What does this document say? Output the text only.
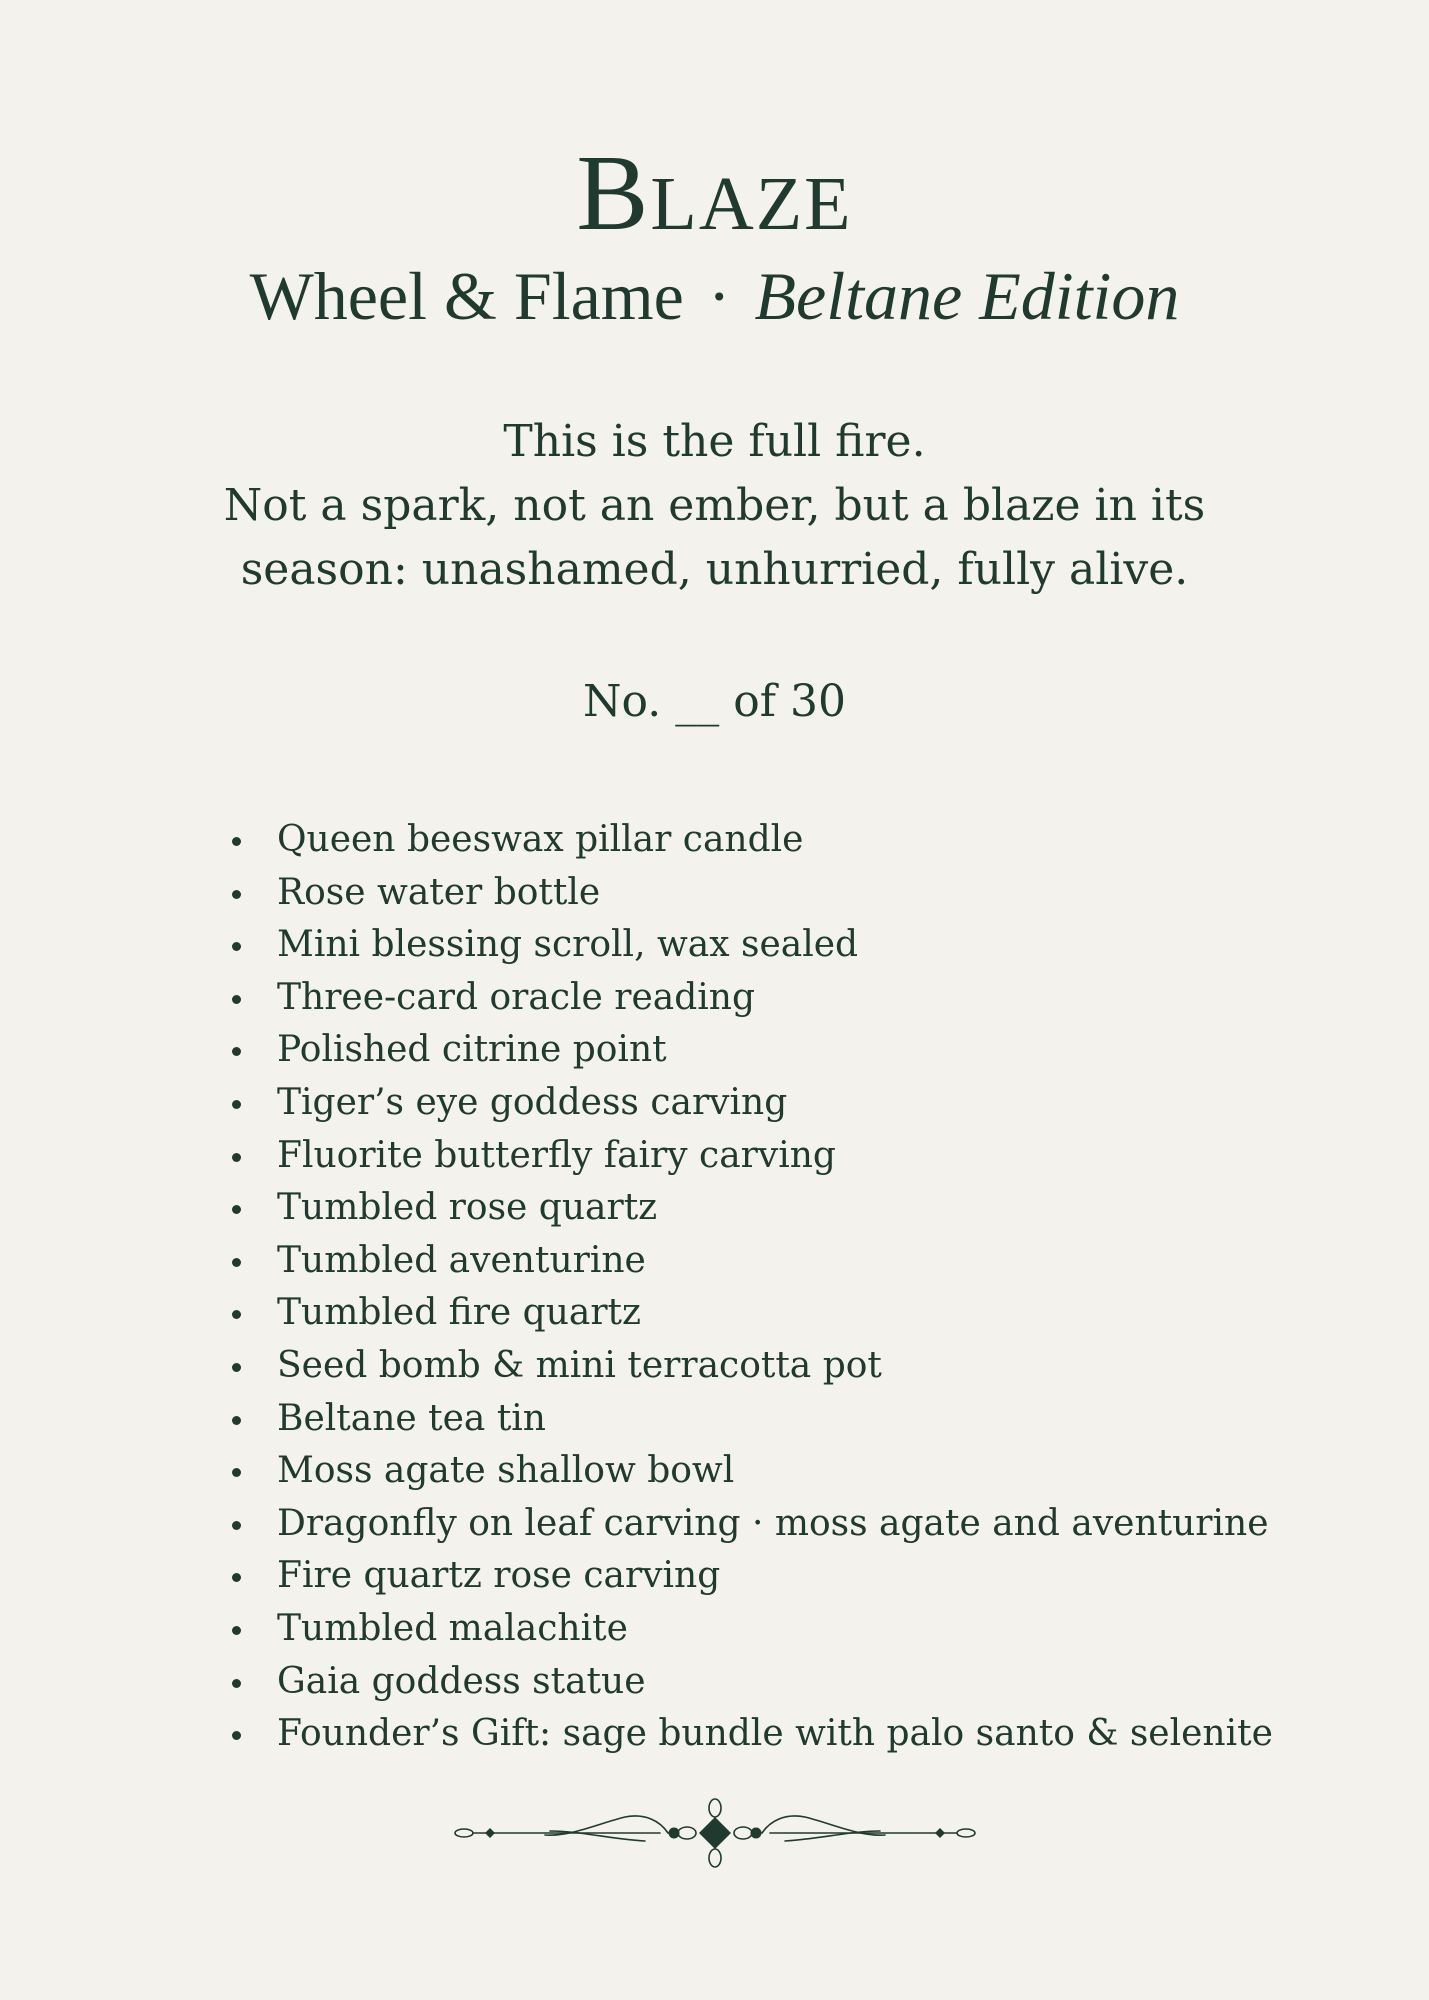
Blaze
Wheel & Flame · Beltane Edition
This is the full fire.
Not a spark, not an ember, but a blaze in its
season: unashamed, unhurried, fully alive.
No. __ of 30
Queen beeswax pillar candle
Rose water bottle
Mini blessing scroll, wax sealed
Three-card oracle reading
Polished citrine point
Tiger’s eye goddess carving
Fluorite butterfly fairy carving
Tumbled rose quartz
Tumbled aventurine
Tumbled fire quartz
Seed bomb & mini terracotta pot
Beltane tea tin
Moss agate shallow bowl
Dragonfly on leaf carving · moss agate and aventurine
Fire quartz rose carving
Tumbled malachite
Gaia goddess statue
Founder’s Gift: sage bundle with palo santo & selenite
